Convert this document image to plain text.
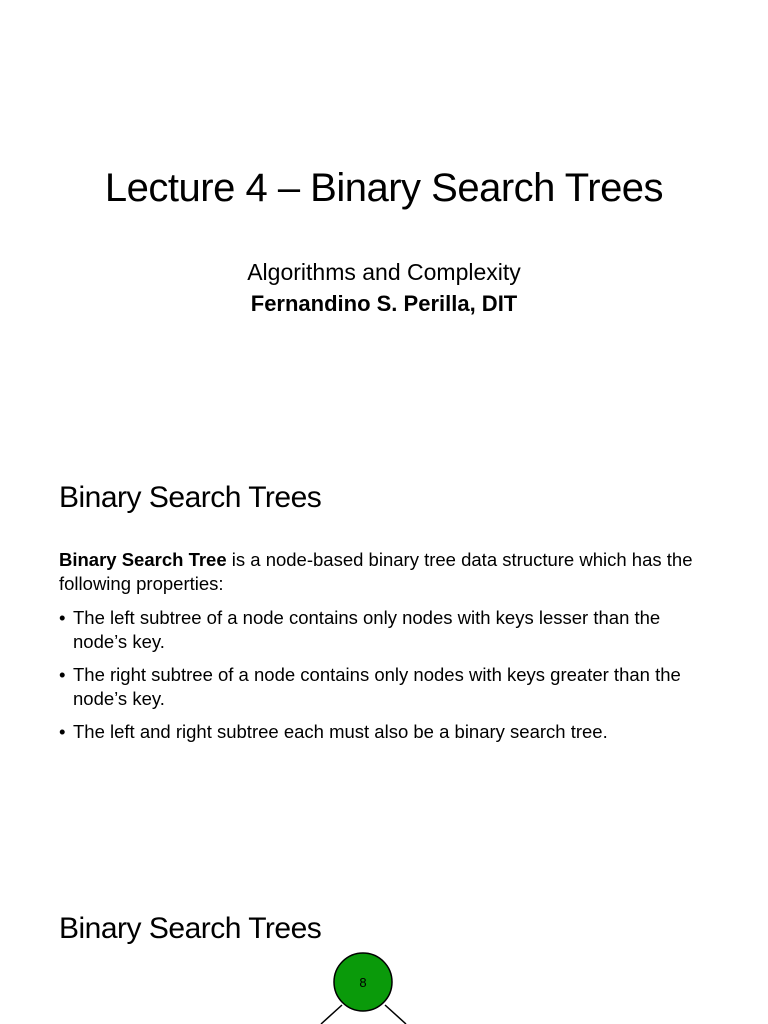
Lecture 4 – Binary Search Trees

Algorithms and Complexity

Fernandino S. Perilla, DIT

Binary Search Trees

Binary Search Tree is a node-based binary tree data structure which has the following properties:

• The left subtree of a node contains only nodes with keys lesser than the node’s key.
• The right subtree of a node contains only nodes with keys greater than the node’s key.
• The left and right subtree each must also be a binary search tree.
Binary Search Trees
8
